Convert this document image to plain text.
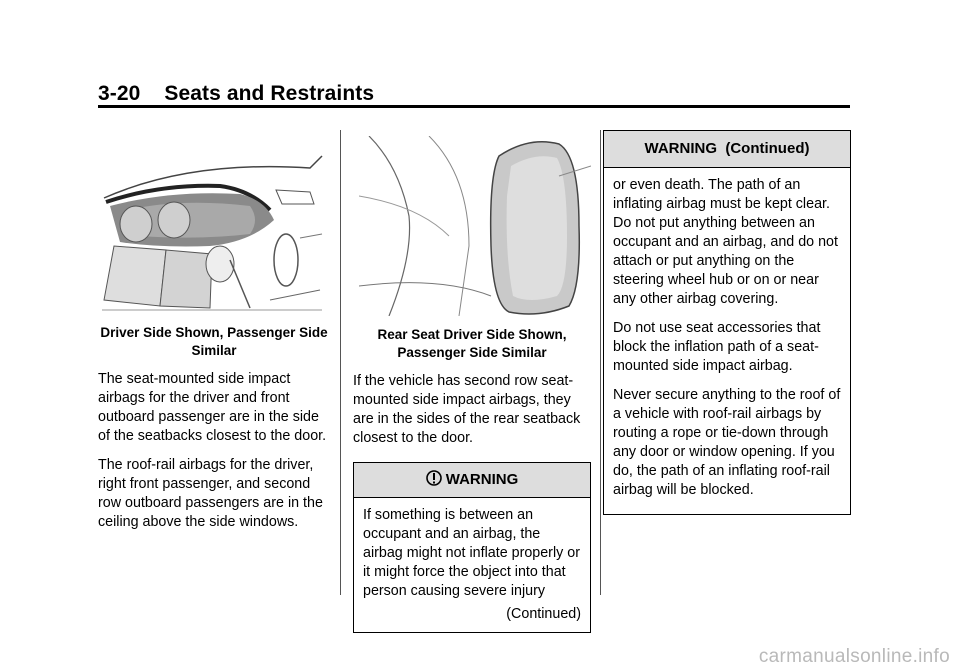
3-20 Seats and Restraints
Driver Side Shown, Passenger Side Similar

The seat-mounted side impact airbags for the driver and front outboard passenger are in the side of the seatbacks closest to the door.

The roof-rail airbags for the driver, right front passenger, and second row outboard passengers are in the ceiling above the side windows.

Rear Seat Driver Side Shown, Passenger Side Similar

If the vehicle has second row seat-mounted side impact airbags, they are in the sides of the rear seatback closest to the door.

WARNING

If something is between an occupant and an airbag, the airbag might not inflate properly or it might force the object into that person causing severe injury

(Continued)
WARNING  (Continued)

or even death. The path of an inflating airbag must be kept clear. Do not put anything between an occupant and an airbag, and do not attach or put anything on the steering wheel hub or on or near any other airbag covering.

Do not use seat accessories that block the inflation path of a seat-mounted side impact airbag.

Never secure anything to the roof of a vehicle with roof-rail airbags by routing a rope or tie-down through any door or window opening. If you do, the path of an inflating roof-rail airbag will be blocked.

carmanualsonline.info
